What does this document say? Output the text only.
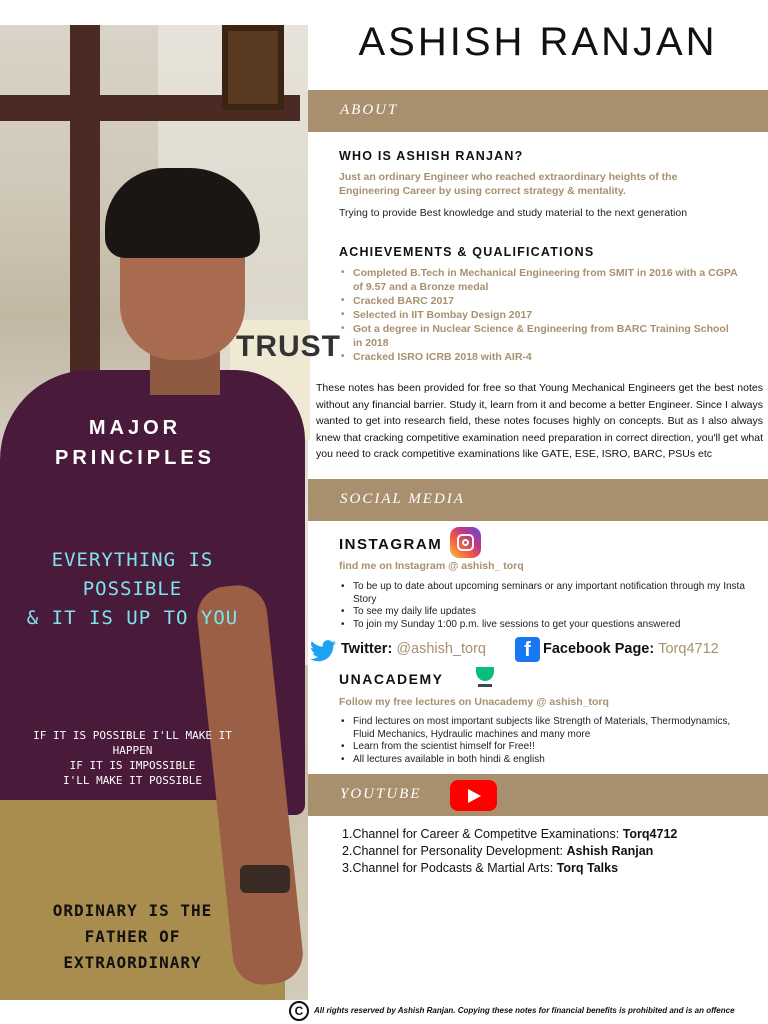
TRUST
MAJOR
PRINCIPLES
EVERYTHING IS
POSSIBLE
& IT IS UP TO YOU
IF IT IS POSSIBLE I'LL MAKE IT
HAPPEN
IF IT IS IMPOSSIBLE
I'LL MAKE IT POSSIBLE
ORDINARY IS THE
FATHER OF
EXTRAORDINARY
ASHISH RANJAN
ABOUT
WHO IS ASHISH RANJAN?
Just an ordinary Engineer who reached extraordinary heights of the Engineering Career by using correct strategy & mentality.
Trying to provide Best knowledge and study material to the next generation
ACHIEVEMENTS & QUALIFICATIONS
• Completed B.Tech in Mechanical Engineering from SMIT in 2016 with a CGPA of 9.57 and a Bronze medal
• Cracked BARC 2017
• Selected in IIT Bombay Design 2017
• Got a degree in Nuclear Science & Engineering from BARC Training School in 2018
• Cracked ISRO ICRB 2018 with AIR-4
These notes has been provided for free so that Young Mechanical Engineers get the best notes without any financial barrier. Study it, learn from it and become a better Engineer. Since I always wanted to get into research field, these notes focuses highly on concepts. But as I also always knew that cracking competitive examination need preparation in correct direction, you'll get what you need to crack competitive examinations like GATE, ESE, ISRO, BARC, PSUs etc
SOCIAL MEDIA
INSTAGRAM
find me on Instagram @ ashish_ torq
• To be up to date about upcoming seminars or any important notification through my Insta Story
• To see my daily life updates
• To join my Sunday 1:00 p.m. live sessions to get your questions answered
Twitter: @ashish_torq	f Facebook Page: Torq4712
UNACADEMY
Follow my free lectures on Unacademy @ ashish_torq
• Find lectures on most important subjects like Strength of Materials, Thermodynamics, Fluid Mechanics, Hydraulic machines and many more
• Learn from the scientist himself for Free!!
• All lectures available in both hindi & english
YOUTUBE
1.Channel for Career & Competitve Examinations: Torq4712
2.Channel for Personality Development: Ashish Ranjan
3.Channel for Podcasts & Martial Arts: Torq Talks
C	All rights reserved by Ashish Ranjan. Copying these notes for financial benefits is prohibited and is an offence
